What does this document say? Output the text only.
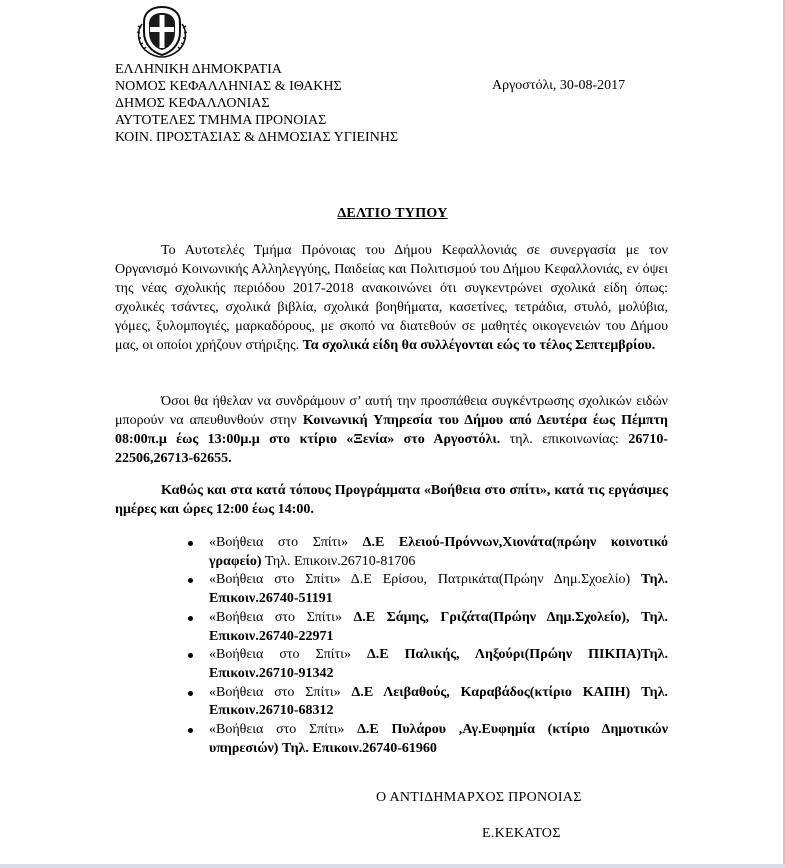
ΕΛΛΗΝΙΚΗ ΔΗΜΟΚΡΑΤΙΑ
ΝΟΜΟΣ ΚΕΦΑΛΛΗΝΙΑΣ & ΙΘΑΚΗΣ
ΔΗΜΟΣ ΚΕΦΑΛΛΟΝΙΑΣ
ΑΥΤΟΤΕΛΕΣ ΤΜΗΜΑ ΠΡΟΝΟΙΑΣ
ΚΟΙΝ. ΠΡΟΣΤΑΣΙΑΣ & ΔΗΜΟΣΙΑΣ ΥΓΙΕΙΝΗΣ
Αργοστόλι, 30-08-2017
ΔΕΛΤΙΟ ΤΥΠΟΥ

Το Αυτοτελές Τμήμα Πρόνοιας του Δήμου Κεφαλλονιάς σε συνεργασία με τον Οργανισμό Κοινωνικής Αλληλεγγύης, Παιδείας και Πολιτισμού του Δήμου Κεφαλλονιάς, εν όψει της νέας σχολικής περιόδου 2017-2018 ανακοινώνει ότι συγκεντρώνει σχολικά είδη όπως: σχολικές τσάντες, σχολικά βιβλία, σχολικά βοηθήματα, κασετίνες, τετράδια, στυλό, μολύβια, γόμες, ξυλομπογιές, μαρκαδόρους, με σκοπό να διατεθούν σε μαθητές οικογενειών του Δήμου μας, οι οποίοι χρήζουν στήριξης. Τα σχολικά είδη θα συλλέγονται εώς το τέλος Σεπτεμβρίου.

Όσοι θα ήθελαν να συνδράμουν σ’ αυτή την προσπάθεια συγκέντρωσης σχολικών ειδών μπορούν να απευθυνθούν στην Κοινωνική Υπηρεσία του Δήμου από Δευτέρα έως Πέμπτη 08:00π.μ έως 13:00μ.μ στο κτίριο «Ξενία» στο Αργοστόλι. τηλ. επικοινωνίας: 26710-22506,26713-62655.

Καθώς και στα κατά τόπους Προγράμματα «Βοήθεια στο σπίτι», κατά τις εργάσιμες ημέρες και ώρες 12:00 έως 14:00.

«Βοήθεια στο Σπίτι» Δ.Ε Ελειού-Πρόννων,Χιονάτα(πρώην κοινοτικό γραφείο) Τηλ. Επικοιν.26710-81706
«Βοήθεια στο Σπίτι» Δ.Ε Ερίσου, Πατρικάτα(Πρώην Δημ.Σχοελίο) Τηλ. Επικοιν.26740-51191
«Βοήθεια στο Σπίτι» Δ.Ε Σάμης, Γριζάτα(Πρώην Δημ.Σχολείο), Τηλ. Επικοιν.26740-22971
«Βοήθεια στο Σπίτι» Δ.Ε Παλικής, Ληξούρι(Πρώην ΠΙΚΠΑ)Τηλ. Επικοιν.26710-91342
«Βοήθεια στο Σπίτι» Δ.Ε Λειβαθούς, Καραβάδος(κτίριο ΚΑΠΗ) Τηλ. Επικοιν.26710-68312
«Βοήθεια στο Σπίτι» Δ.Ε Πυλάρου ,Αγ.Ευφημία (κτίριο Δημοτικών υπηρεσιών) Τηλ. Επικοιν.26740-61960
Ο ΑΝΤΙΔΗΜΑΡΧΟΣ ΠΡΟΝΟΙΑΣ
Ε.ΚΕΚΑΤΟΣ
